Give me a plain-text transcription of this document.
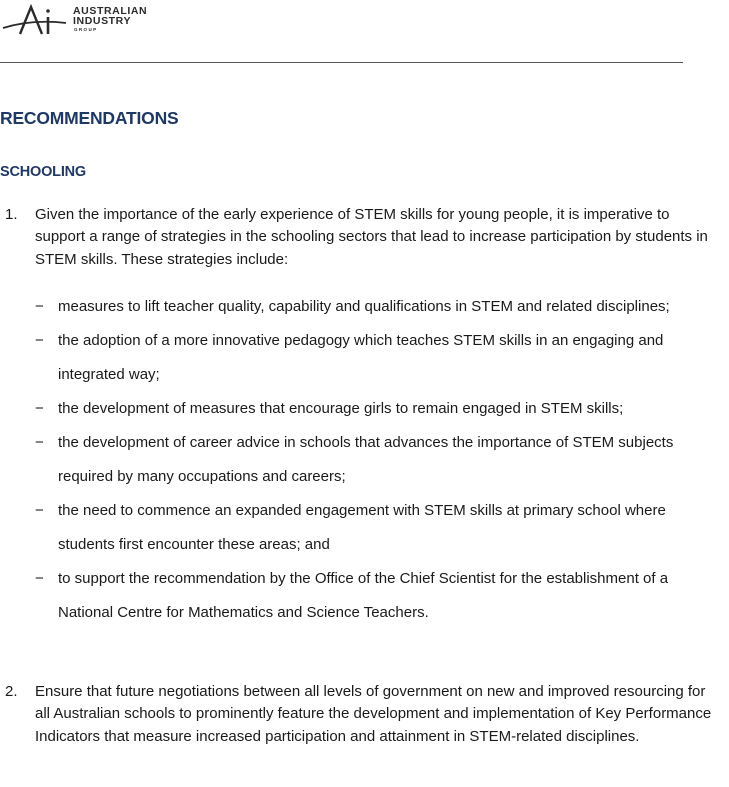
AUSTRALIAN
INDUSTRY
GROUP
RECOMMENDATIONS
SCHOOLING
1. Given the importance of the early experience of STEM skills for young people, it is imperative to support a range of strategies in the schooling sectors that lead to increase participation by students in STEM skills. These strategies include:
− measures to lift teacher quality, capability and qualifications in STEM and related disciplines;
− the adoption of a more innovative pedagogy which teaches STEM skills in an engaging and integrated way;
− the development of measures that encourage girls to remain engaged in STEM skills;
− the development of career advice in schools that advances the importance of STEM subjects required by many occupations and careers;
− the need to commence an expanded engagement with STEM skills at primary school where students first encounter these areas; and
− to support the recommendation by the Office of the Chief Scientist for the establishment of a National Centre for Mathematics and Science Teachers.
2. Ensure that future negotiations between all levels of government on new and improved resourcing for all Australian schools to prominently feature the development and implementation of Key Performance Indicators that measure increased participation and attainment in STEM-related disciplines.
